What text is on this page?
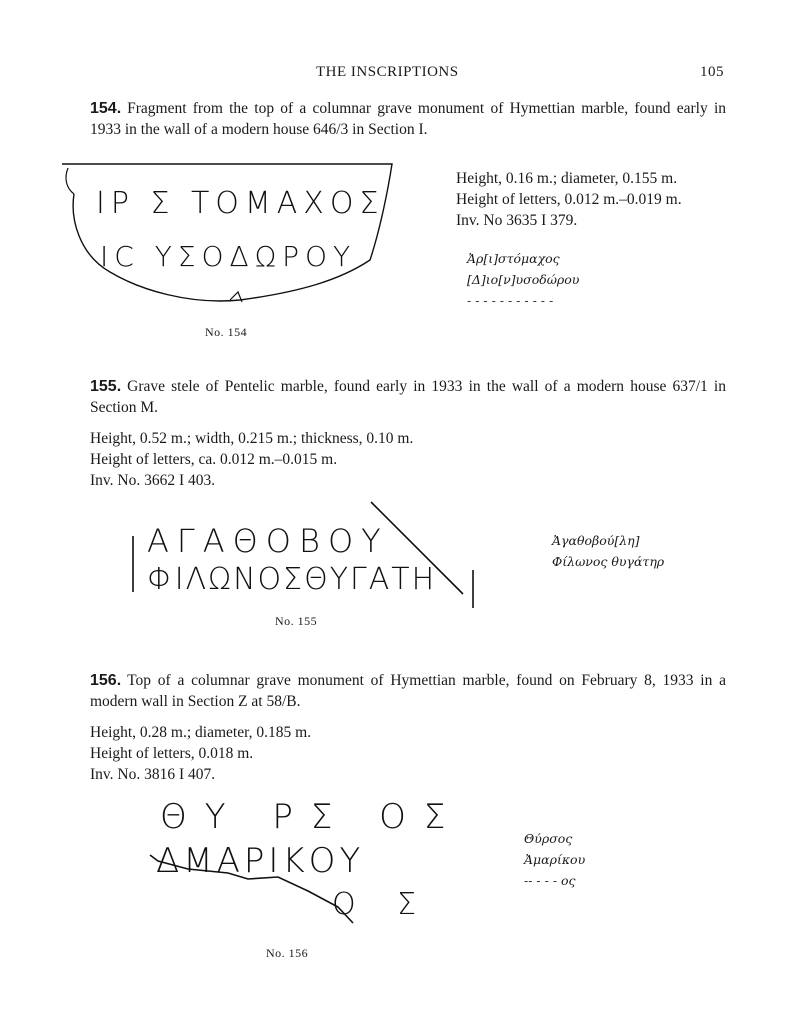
THE INSCRIPTIONS	105
154. Fragment from the top of a columnar grave monument of Hymettian marble, found early in 1933 in the wall of a modern house 646/3 in Section I.
ΙΡ Σ ΤΟΜΑΧΟΣ
ΙС ΥΣΟΔΩΡΟΥ
No. 154
Height, 0.16 m.; diameter, 0.155 m.
Height of letters, 0.012 m.–0.019 m.
Inv. No 3635 I 379.
Ἀρ[ι]στόμαχος
[Δ]ιο[ν]υσοδώρου
- - - - - - - - - - -
155. Grave stele of Pentelic marble, found early in 1933 in the wall of a modern house 637/1 in Section M.
Height, 0.52 m.; width, 0.215 m.; thickness, 0.10 m.
Height of letters, ca. 0.012 m.–0.015 m.
Inv. No. 3662 I 403.
ΑΓΑΘΟΒΟΥ
ΦΙΛΩΝΟΣΘΥΓΑΤΗ
No. 155
Ἀγαθοβού[λη]
Φίλωνος θυγάτηρ
156. Top of a columnar grave monument of Hymettian marble, found on February 8, 1933 in a modern wall in Section Z at 58/B.
Height, 0.28 m.; diameter, 0.185 m.
Height of letters, 0.018 m.
Inv. No. 3816 I 407.
ΘΥ ΡΣ ΟΣ
ΔΜΑΡΙΚΟΥ
Ο Σ
No. 156
Θύρσος
Ἀμαρίκου
-- - - - ος
